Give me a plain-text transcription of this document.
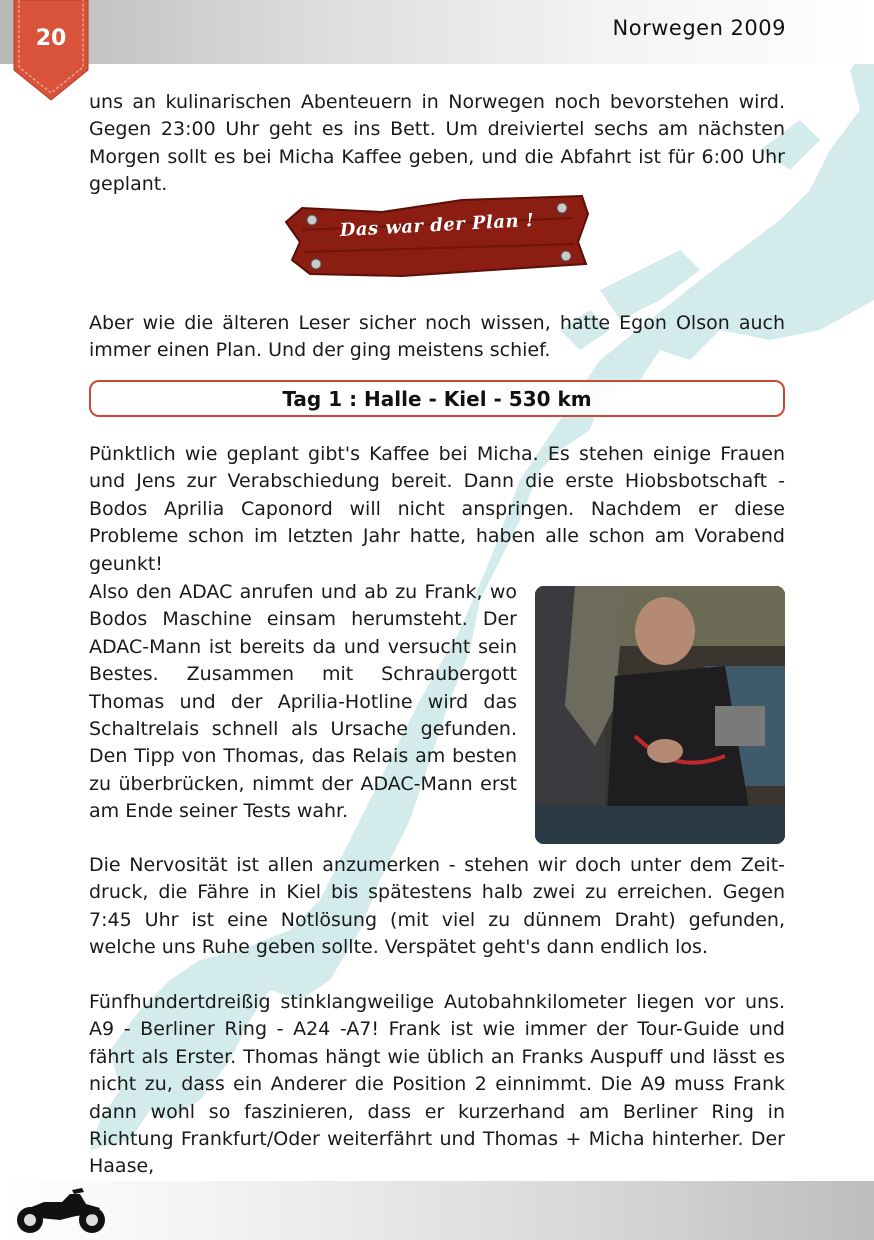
20	Norwegen 2009

uns an kulinarischen Abenteuern in Norwegen noch bevorstehen wird. Gegen 23:00 Uhr geht es ins Bett. Um dreiviertel sechs am nächsten Morgen sollt es bei Micha Kaffee geben, und die Abfahrt ist für 6:00 Uhr geplant.

Das war der Plan !

Aber wie die älteren Leser sicher noch wissen, hatte Egon Olson auch immer einen Plan. Und der ging meistens schief.

Tag 1 : Halle - Kiel - 530 km

Pünktlich wie geplant gibt's Kaffee bei Micha. Es stehen einige Frauen und Jens zur Verabschiedung bereit. Dann die erste Hiobsbotschaft - Bodos Aprilia Caponord will nicht anspringen. Nachdem er diese Probleme schon im letzten Jahr hatte, haben alle schon am Vorabend geunkt!

Also den ADAC anrufen und ab zu Frank, wo Bodos Maschine einsam herumsteht. Der ADAC-Mann ist bereits da und versucht sein Bestes. Zusammen mit Schraubergott Thomas und der Aprilia-Hotline wird das Schaltrelais schnell als Ursache gefunden. Den Tipp von Thomas, das Relais am besten zu überbrücken, nimmt der ADAC-Mann erst am Ende seiner Tests wahr.

Die Nervosität ist allen anzumerken - stehen wir doch unter dem Zeit-druck, die Fähre in Kiel bis spätestens halb zwei zu erreichen. Gegen 7:45 Uhr ist eine Notlösung (mit viel zu dünnem Draht) gefunden, welche uns Ruhe geben sollte. Verspätet geht's dann endlich los.

Fünfhundertdreißig stinklangweilige Autobahnkilometer liegen vor uns. A9 - Berliner Ring - A24 -A7! Frank ist wie immer der Tour-Guide und fährt als Erster. Thomas hängt wie üblich an Franks Auspuff und lässt es nicht zu, dass ein Anderer die Position 2 einnimmt. Die A9 muss Frank dann wohl so faszinieren, dass er kurzerhand am Berliner Ring in Richtung Frankfurt/Oder weiterfährt und Thomas + Micha hinterher. Der Haase,
